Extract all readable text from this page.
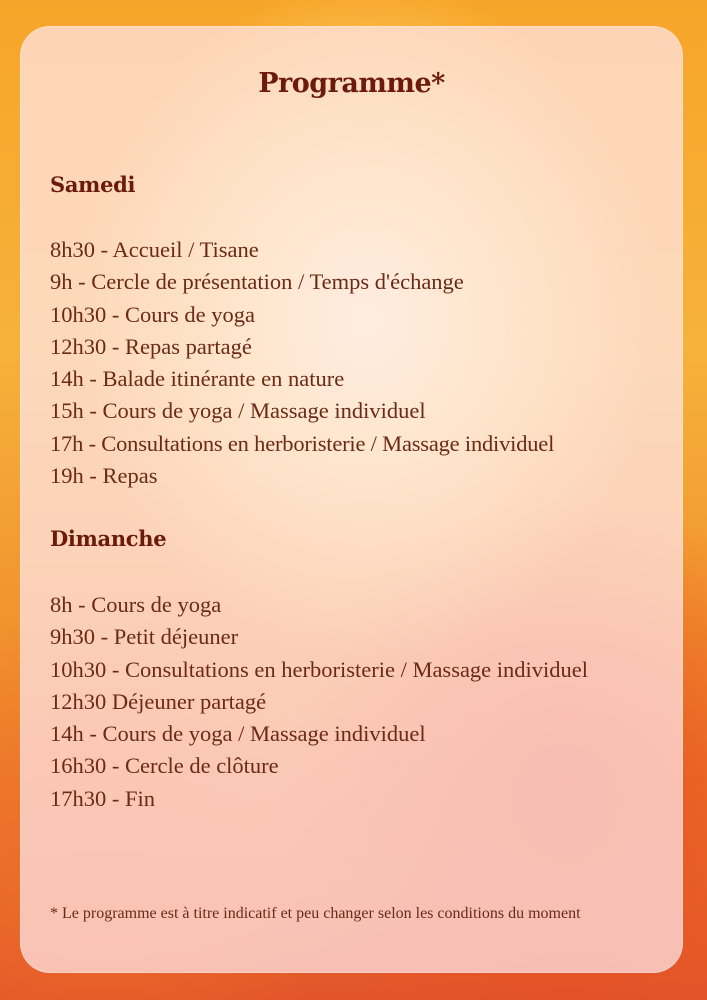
Programme*
Samedi
8h30 - Accueil / Tisane
9h - Cercle de présentation / Temps d'échange
10h30 - Cours de yoga
12h30 - Repas partagé
14h - Balade itinérante en nature
15h - Cours de yoga / Massage individuel
17h - Consultations en herboristerie / Massage individuel
19h - Repas
Dimanche
8h - Cours de yoga
9h30 - Petit déjeuner
10h30 - Consultations en herboristerie / Massage individuel
12h30 Déjeuner partagé
14h - Cours de yoga / Massage individuel
16h30 - Cercle de clôture
17h30 - Fin

* Le programme est à titre indicatif et peu changer selon les conditions du moment
